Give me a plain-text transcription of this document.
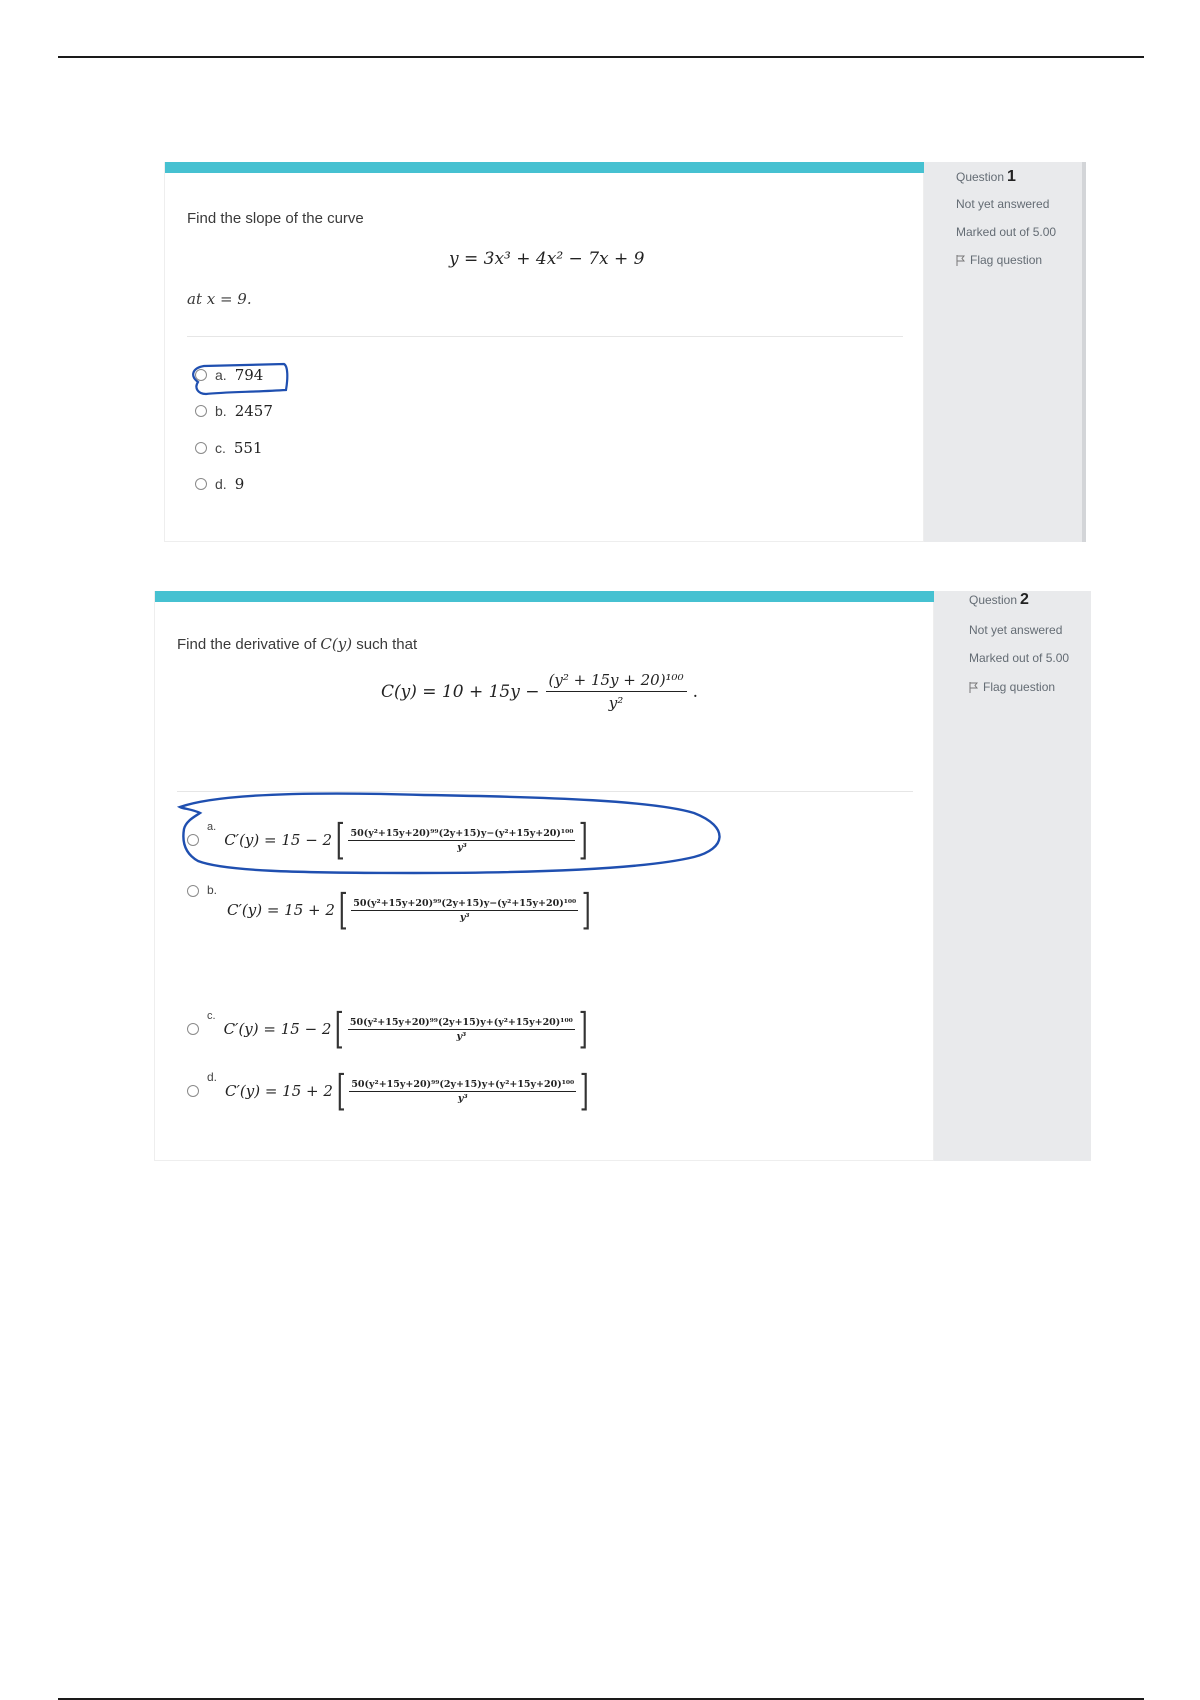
Find the slope of the curve
y = 3x³ + 4x² − 7x + 9
at x = 9.
a. 794
b. 2457
c. 551
d. 9
Question 1
Not yet answered
Marked out of 5.00
Flag question
Find the derivative of C(y) such that
$C(y) = 10 + 15y - \frac{\text{(y² + 15y + 20)¹⁰⁰}}{\text{y²}}$ .
a.
C′(y) = 15 − 2 [ $\frac{\text{50(y²+15y+20)⁹⁹(2y+15)y−(y²+15y+20)¹⁰⁰}}{\text{y³}}$ ]
b.
C′(y) = 15 + 2 [ $\frac{\text{50(y²+15y+20)⁹⁹(2y+15)y−(y²+15y+20)¹⁰⁰}}{\text{y³}}$ ]
c.
C′(y) = 15 − 2 [ $\frac{\text{50(y²+15y+20)⁹⁹(2y+15)y+(y²+15y+20)¹⁰⁰}}{\text{y³}}$ ]
d.
C′(y) = 15 + 2 [ $\frac{\text{50(y²+15y+20)⁹⁹(2y+15)y+(y²+15y+20)¹⁰⁰}}{\text{y³}}$ ]
Question 2
Not yet answered
Marked out of 5.00
Flag question
